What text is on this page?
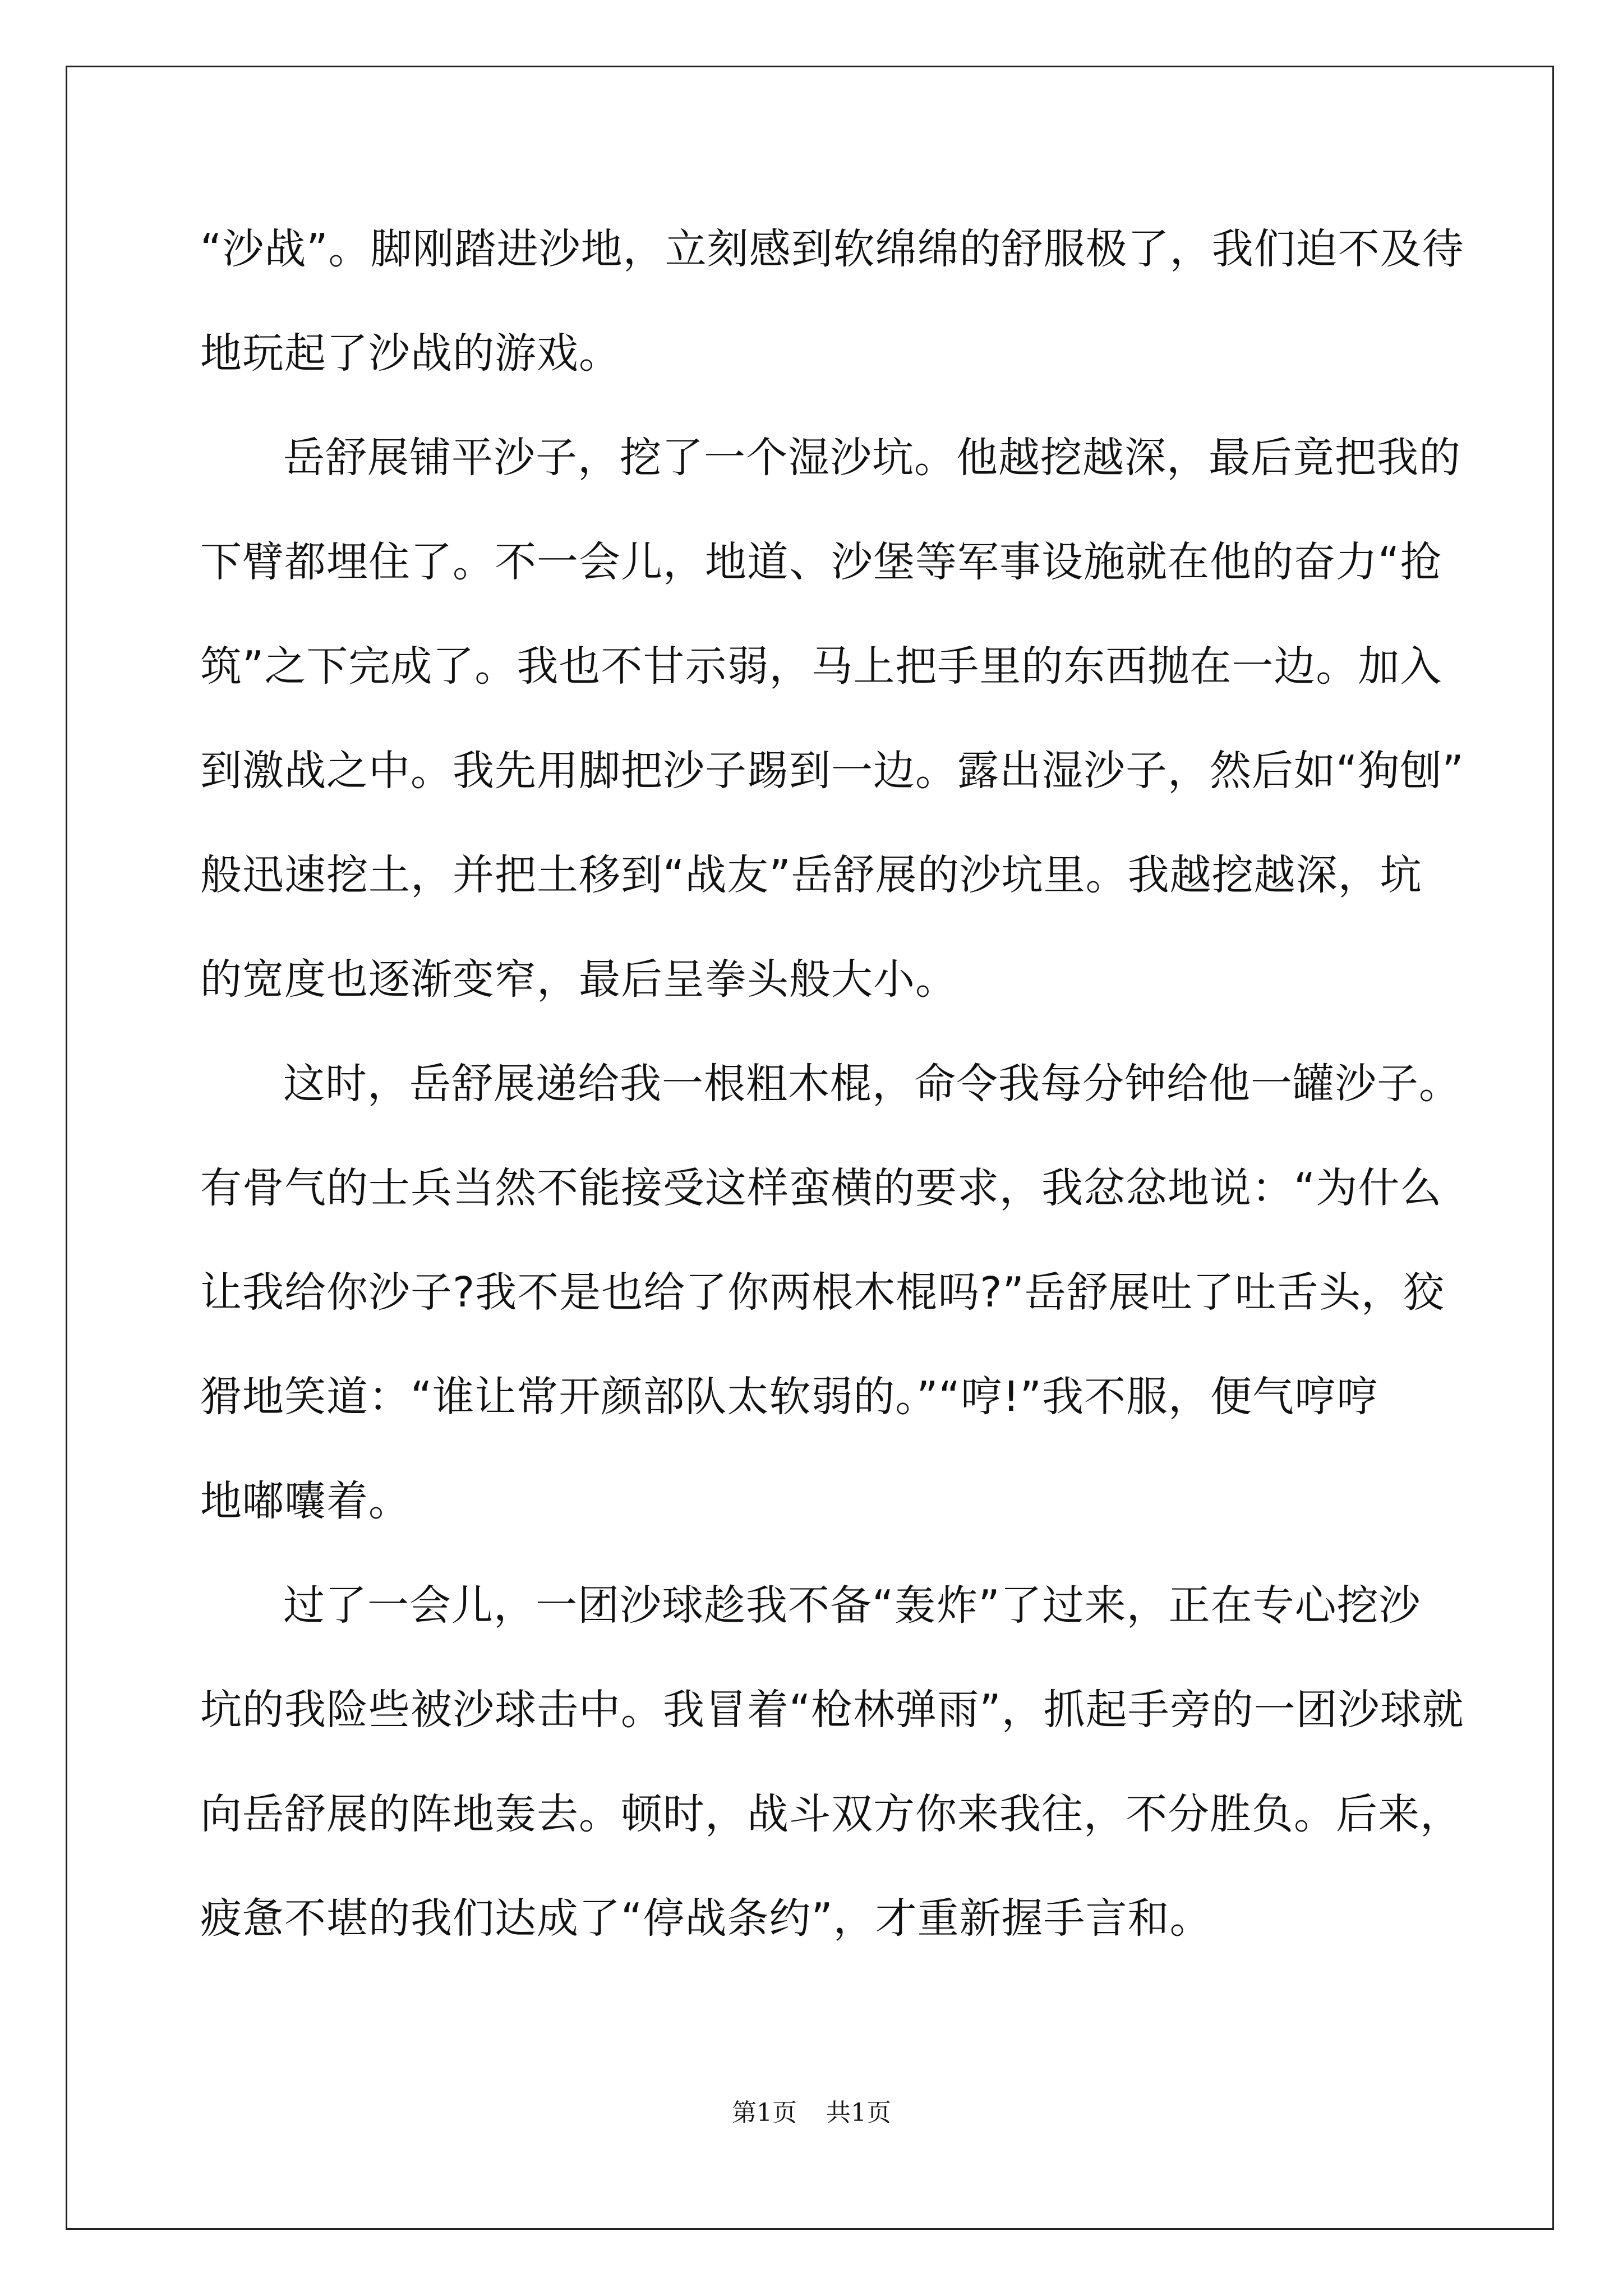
“沙战”。脚刚踏进沙地，立刻感到软绵绵的舒服极了，我们迫不及待
地玩起了沙战的游戏。
岳舒展铺平沙子，挖了一个湿沙坑。他越挖越深，最后竟把我的
下臂都埋住了。不一会儿，地道、沙堡等军事设施就在他的奋力“抢
筑”之下完成了。我也不甘示弱，马上把手里的东西抛在一边。加入
到激战之中。我先用脚把沙子踢到一边。露出湿沙子，然后如“狗刨”
般迅速挖土，并把土移到“战友”岳舒展的沙坑里。我越挖越深，坑
的宽度也逐渐变窄，最后呈拳头般大小。
这时，岳舒展递给我一根粗木棍，命令我每分钟给他一罐沙子。
有骨气的士兵当然不能接受这样蛮横的要求，我忿忿地说：“为什么
让我给你沙子?我不是也给了你两根木棍吗?”岳舒展吐了吐舌头，狡
猾地笑道：“谁让常开颜部队太软弱的。”“哼!”我不服，便气哼哼
地嘟囔着。
过了一会儿，一团沙球趁我不备“轰炸”了过来，正在专心挖沙
坑的我险些被沙球击中。我冒着“枪林弹雨”，抓起手旁的一团沙球就
向岳舒展的阵地轰去。顿时，战斗双方你来我往，不分胜负。后来，
疲惫不堪的我们达成了“停战条约”，才重新握手言和。
第1页 共1页
